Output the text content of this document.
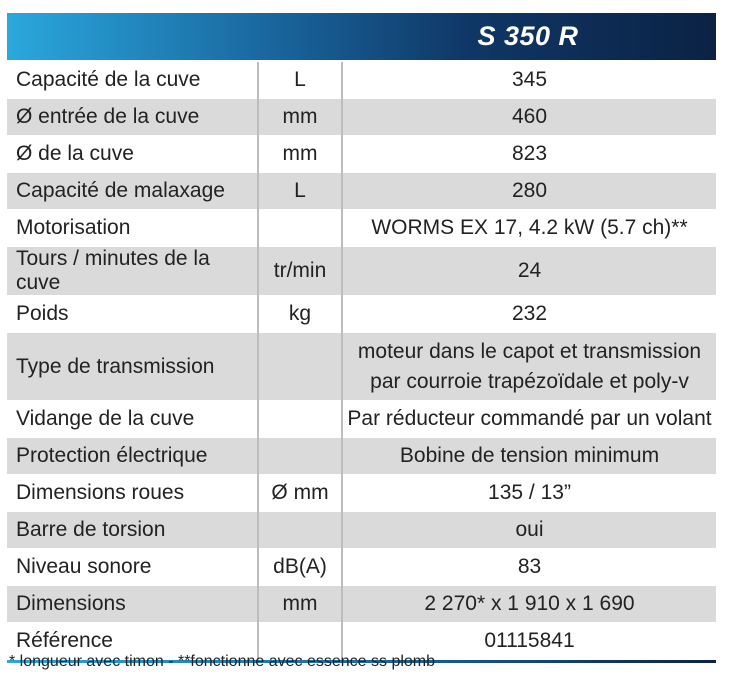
S 350 R
Capacité de la cuve	L	345
Ø entrée de la cuve	mm	460
Ø de la cuve	mm	823
Capacité de malaxage	L	280
Motorisation		WORMS EX 17, 4.2 kW (5.7 ch)**
Tours / minutes de la cuve	tr/min	24
Poids	kg	232
Type de transmission		moteur dans le capot et transmission
par courroie trapézoïdale et poly-v

Vidange de la cuve		Par réducteur commandé par un volant
Protection électrique		Bobine de tension minimum
Dimensions roues	Ø mm	135 / 13”
Barre de torsion		oui
Niveau sonore	dB(A)	83
Dimensions	mm	2 270* x 1 910 x 1 690
Référence		01115841
* longueur avec timon - **fonctionne avec essence ss plomb
